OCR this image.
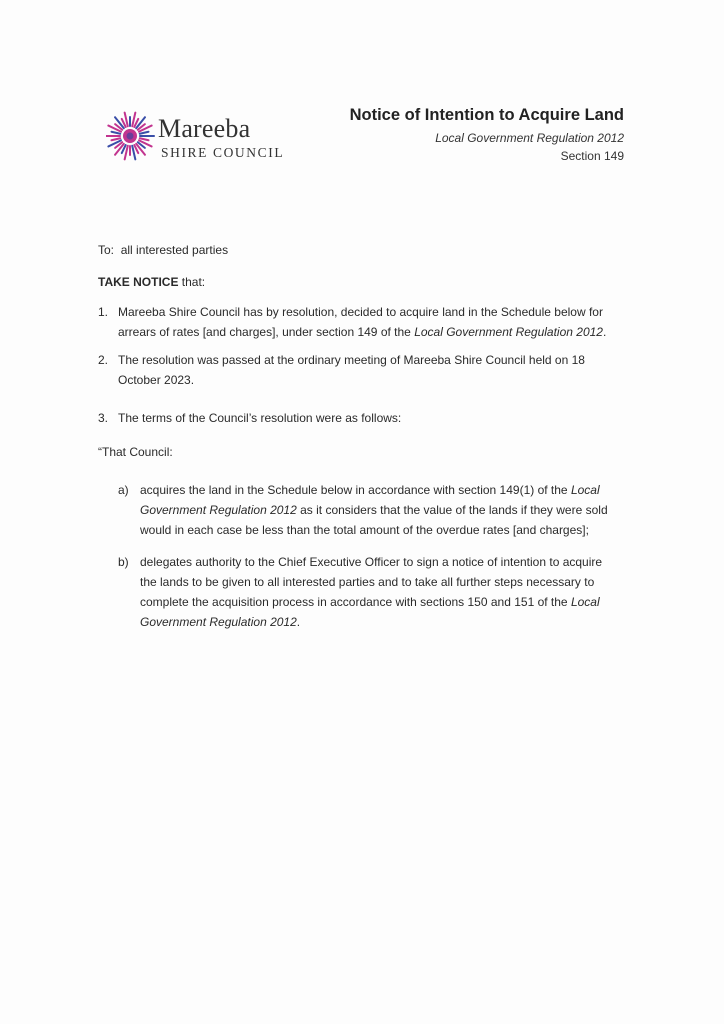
Mareeba
SHIRE COUNCIL
Notice of Intention to Acquire Land
Local Government Regulation 2012
Section 149
To: all interested parties
TAKE NOTICE that:
1. Mareeba Shire Council has by resolution, decided to acquire land in the Schedule below for arrears of rates [and charges], under section 149 of the Local Government Regulation 2012.
2. The resolution was passed at the ordinary meeting of Mareeba Shire Council held on 18 October 2023.
3. The terms of the Council’s resolution were as follows:
“That Council:
a) acquires the land in the Schedule below in accordance with section 149(1) of the Local Government Regulation 2012 as it considers that the value of the lands if they were sold would in each case be less than the total amount of the overdue rates [and charges];
b) delegates authority to the Chief Executive Officer to sign a notice of intention to acquire the lands to be given to all interested parties and to take all further steps necessary to complete the acquisition process in accordance with sections 150 and 151 of the Local Government Regulation 2012.
